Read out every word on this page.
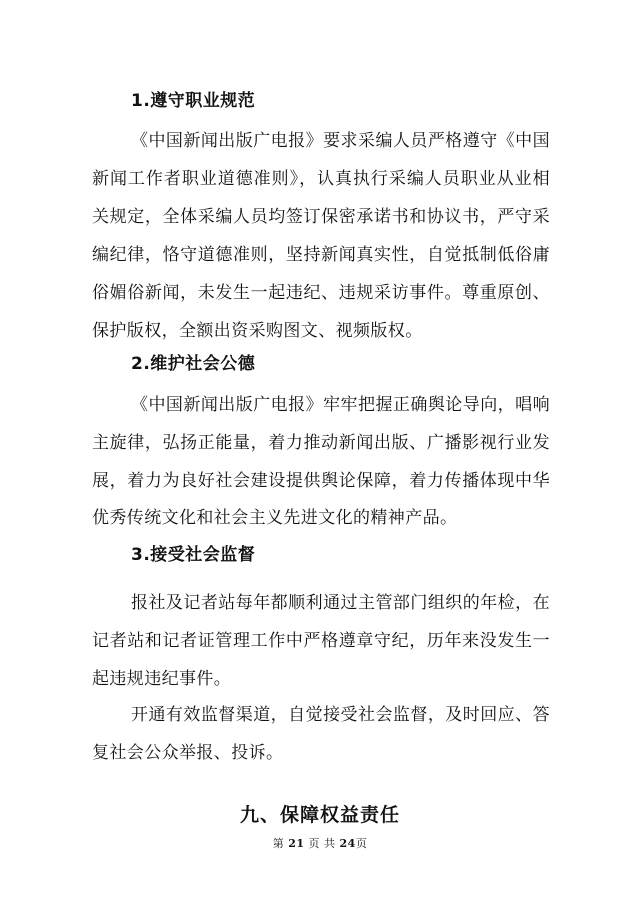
1.遵守职业规范
《中国新闻出版广电报》要求采编人员严格遵守《中国
新闻工作者职业道德准则》，认真执行采编人员职业从业相
关规定，全体采编人员均签订保密承诺书和协议书，严守采
编纪律，恪守道德准则，坚持新闻真实性，自觉抵制低俗庸
俗媚俗新闻，未发生一起违纪、违规采访事件。尊重原创、
保护版权，全额出资采购图文、视频版权。
2.维护社会公德
《中国新闻出版广电报》牢牢把握正确舆论导向，唱响
主旋律，弘扬正能量，着力推动新闻出版、广播影视行业发
展，着力为良好社会建设提供舆论保障，着力传播体现中华
优秀传统文化和社会主义先进文化的精神产品。
3.接受社会监督
报社及记者站每年都顺利通过主管部门组织的年检，在
记者站和记者证管理工作中严格遵章守纪，历年来没发生一
起违规违纪事件。
开通有效监督渠道，自觉接受社会监督，及时回应、答
复社会公众举报、投诉。
九、保障权益责任
第 21 页 共 24页
